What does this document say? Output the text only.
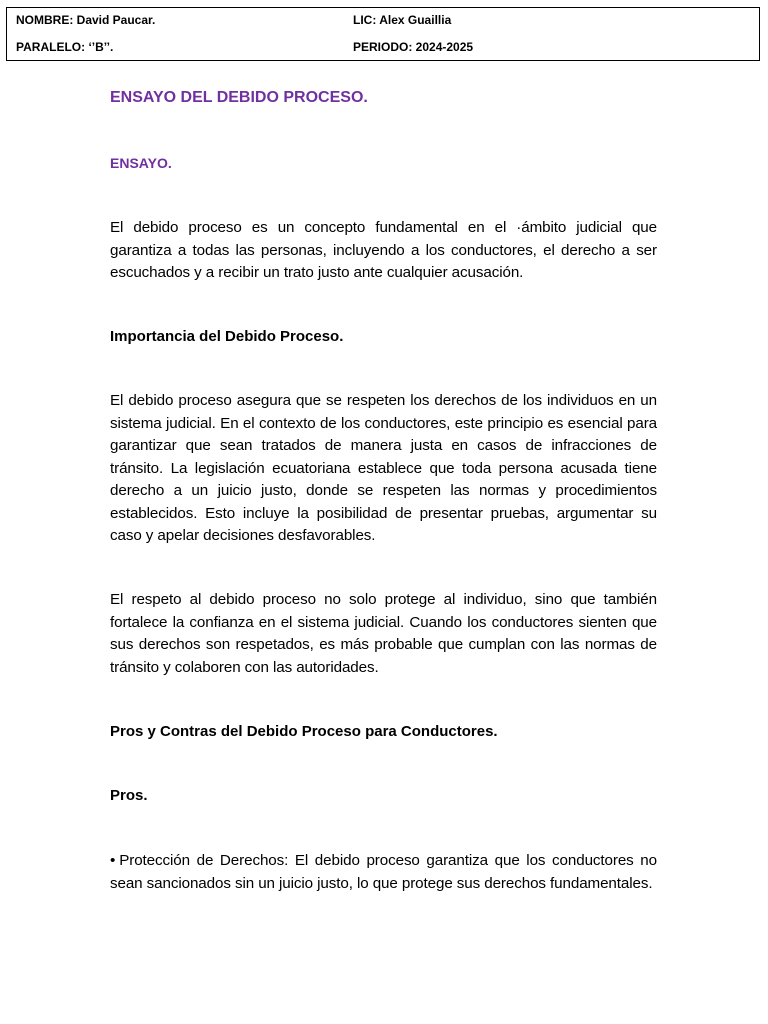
NOMBRE: David Paucar.	LIC: Alex Guaillia
PARALELO: ‘’B’’.	PERIODO: 2024-2025
ENSAYO DEL DEBIDO PROCESO.
ENSAYO.

El debido proceso es un concepto fundamental en el ·ámbito judicial que garantiza a todas las personas, incluyendo a los conductores, el derecho a ser escuchados y a recibir un trato justo ante cualquier acusación.

Importancia del Debido Proceso.

El debido proceso asegura que se respeten los derechos de los individuos en un sistema judicial. En el contexto de los conductores, este principio es esencial para garantizar que sean tratados de manera justa en casos de infracciones de tránsito. La legislación ecuatoriana establece que toda persona acusada tiene derecho a un juicio justo, donde se respeten las normas y procedimientos establecidos. Esto incluye la posibilidad de presentar pruebas, argumentar su caso y apelar decisiones desfavorables.

El respeto al debido proceso no solo protege al individuo, sino que también fortalece la confianza en el sistema judicial. Cuando los conductores sienten que sus derechos son respetados, es más probable que cumplan con las normas de tránsito y colaboren con las autoridades.

Pros y Contras del Debido Proceso para Conductores.
Pros.

• Protección de Derechos: El debido proceso garantiza que los conductores no sean sancionados sin un juicio justo, lo que protege sus derechos fundamentales.
